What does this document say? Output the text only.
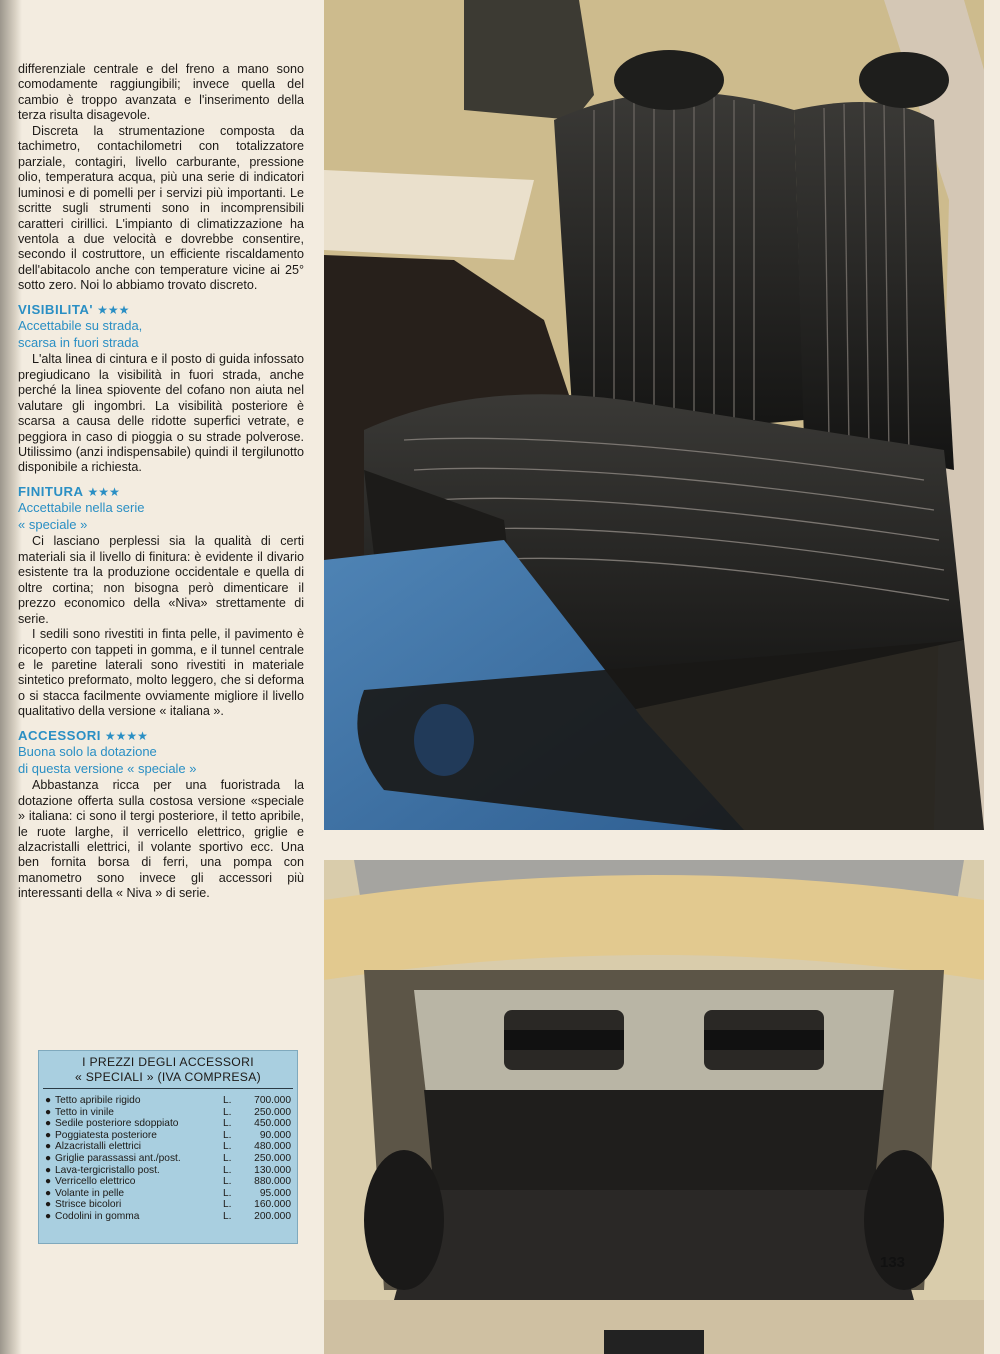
differenziale centrale e del freno a mano sono comodamente raggiungibili; invece quella del cambio è troppo avanzata e l'inserimento della terza risulta disagevole.

Discreta la strumentazione composta da tachimetro, contachilometri con totalizzatore parziale, contagiri, livello carburante, pressione olio, temperatura acqua, più una serie di indicatori luminosi e di pomelli per i servizi più importanti. Le scritte sugli strumenti sono in incomprensibili caratteri cirillici. L'impianto di climatizzazione ha ventola a due velocità e dovrebbe consentire, secondo il costruttore, un efficiente riscaldamento dell'abitacolo anche con temperature vicine ai 25° sotto zero. Noi lo abbiamo trovato discreto.

VISIBILITA' ★★★
Accettabile su strada,
scarsa in fuori strada

L'alta linea di cintura e il posto di guida infossato pregiudicano la visibilità in fuori strada, anche perché la linea spiovente del cofano non aiuta nel valutare gli ingombri. La visibilità posteriore è scarsa a causa delle ridotte superfici vetrate, e peggiora in caso di pioggia o su strade polverose. Utilissimo (anzi indispensabile) quindi il tergilunotto disponibile a richiesta.

FINITURA ★★★
Accettabile nella serie
« speciale »

Ci lasciano perplessi sia la qualità di certi materiali sia il livello di finitura: è evidente il divario esistente tra la produzione occidentale e quella di oltre cortina; non bisogna però dimenticare il prezzo economico della «Niva» strettamente di serie.

I sedili sono rivestiti in finta pelle, il pavimento è ricoperto con tappeti in gomma, e il tunnel centrale e le paretine laterali sono rivestiti in materiale sintetico preformato, molto leggero, che si deforma o si stacca facilmente ovviamente migliore il livello qualitativo della versione « italiana ».

ACCESSORI ★★★★
Buona solo la dotazione
di questa versione « speciale »

Abbastanza ricca per una fuoristrada la dotazione offerta sulla costosa versione «speciale » italiana: ci sono il tergi posteriore, il tetto apribile, le ruote larghe, il verricello elettrico, griglie e alzacristalli elettrici, il volante sportivo ecc. Una ben fornita borsa di ferri, una pompa con manometro sono invece gli accessori più interessanti della « Niva » di serie.

I PREZZI DEGLI ACCESSORI
« SPECIALI » (IVA COMPRESA)
● Tetto apribile rigido	L.	700.000
● Tetto in vinile	L.	250.000
● Sedile posteriore sdoppiato	L.	450.000
● Poggiatesta posteriore	L.	90.000
● Alzacristalli elettrici	L.	480.000
● Griglie parassassi ant./post.	L.	250.000
● Lava-tergicristallo post.	L.	130.000
● Verricello elettrico	L.	880.000
● Volante in pelle	L.	95.000
● Strisce bicolori	L.	160.000
● Codolini in gomma	L.	200.000
133
